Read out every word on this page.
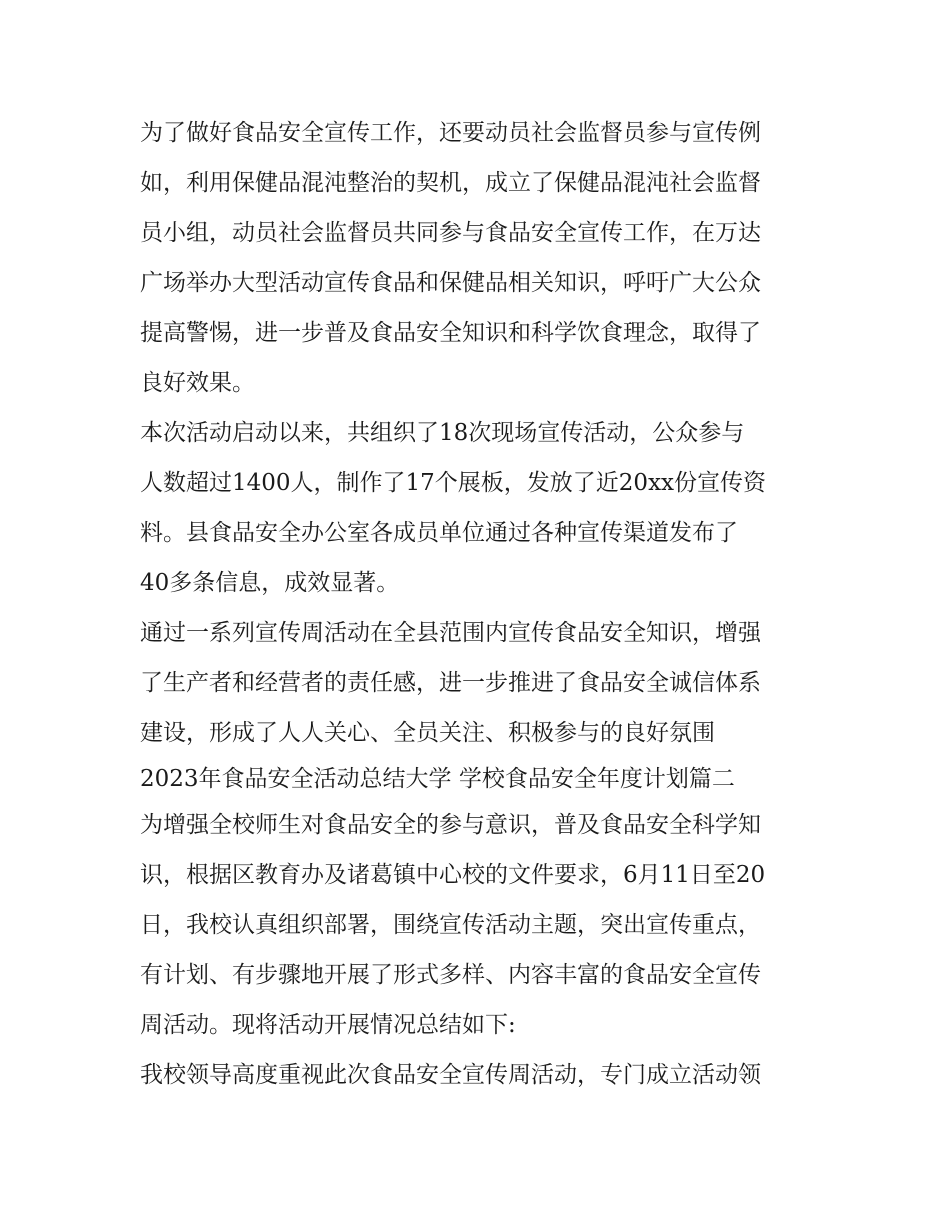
为了做好食品安全宣传工作，还要动员社会监督员参与宣传例
如，利用保健品混沌整治的契机，成立了保健品混沌社会监督
员小组，动员社会监督员共同参与食品安全宣传工作，在万达
广场举办大型活动宣传食品和保健品相关知识，呼吁广大公众
提高警惕，进一步普及食品安全知识和科学饮食理念，取得了
良好效果。
本次活动启动以来，共组织了18次现场宣传活动，公众参与
人数超过1400人，制作了17个展板，发放了近20xx份宣传资
料。县食品安全办公室各成员单位通过各种宣传渠道发布了
40多条信息，成效显著。
通过一系列宣传周活动在全县范围内宣传食品安全知识，增强
了生产者和经营者的责任感，进一步推进了食品安全诚信体系
建设，形成了人人关心、全员关注、积极参与的良好氛围
2023年食品安全活动总结大学 学校食品安全年度计划篇二
为增强全校师生对食品安全的参与意识，普及食品安全科学知
识，根据区教育办及诸葛镇中心校的文件要求，6月11日至20
日，我校认真组织部署，围绕宣传活动主题，突出宣传重点，
有计划、有步骤地开展了形式多样、内容丰富的食品安全宣传
周活动。现将活动开展情况总结如下:
我校领导高度重视此次食品安全宣传周活动，专门成立活动领
